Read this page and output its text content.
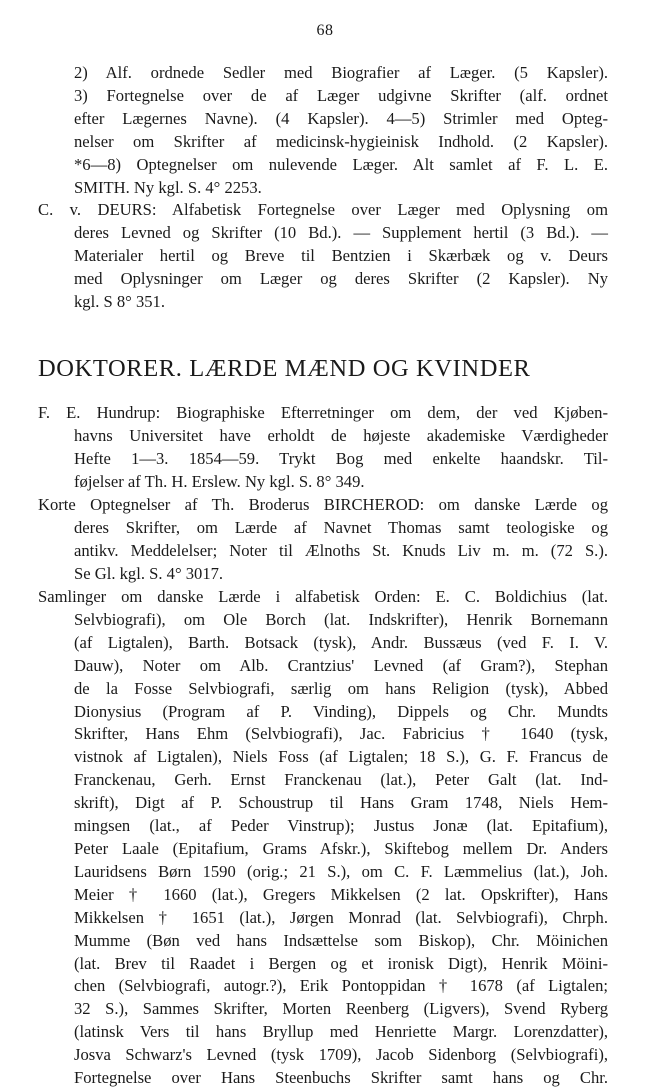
68
2) Alf. ordnede Sedler med Biografier af Læger. (5 Kapsler).
3) Fortegnelse over de af Læger udgivne Skrifter (alf. ordnet
efter Lægernes Navne). (4 Kapsler). 4—5) Strimler med Opteg-
nelser om Skrifter af medicinsk-hygieinisk Indhold. (2 Kapsler).
*6—8) Optegnelser om nulevende Læger. Alt samlet af F. L. E.
SMITH. Ny kgl. S. 4° 2253.
C. v. DEURS: Alfabetisk Fortegnelse over Læger med Oplysning om
deres Levned og Skrifter (10 Bd.). — Supplement hertil (3 Bd.). —
Materialer hertil og Breve til Bentzien i Skærbæk og v. Deurs
med Oplysninger om Læger og deres Skrifter (2 Kapsler). Ny
kgl. S 8° 351.
DOKTORER. LÆRDE MÆND OG KVINDER
F. E. Hundrup: Biographiske Efterretninger om dem, der ved Kjøben-
havns Universitet have erholdt de højeste akademiske Værdigheder
Hefte 1—3. 1854—59. Trykt Bog med enkelte haandskr. Til-
føjelser af Th. H. Erslew. Ny kgl. S. 8° 349.
Korte Optegnelser af Th. Broderus BIRCHEROD: om danske Lærde og
deres Skrifter, om Lærde af Navnet Thomas samt teologiske og
antikv. Meddelelser; Noter til Ælnoths St. Knuds Liv m. m. (72 S.).
Se Gl. kgl. S. 4° 3017.
Samlinger om danske Lærde i alfabetisk Orden: E. C. Boldichius (lat.
Selvbiografi), om Ole Borch (lat. Indskrifter), Henrik Bornemann
(af Ligtalen), Barth. Botsack (tysk), Andr. Bussæus (ved F. I. V.
Dauw), Noter om Alb. Crantzius' Levned (af Gram?), Stephan
de la Fosse Selvbiografi, særlig om hans Religion (tysk), Abbed
Dionysius (Program af P. Vinding), Dippels og Chr. Mundts
Skrifter, Hans Ehm (Selvbiografi), Jac. Fabricius † 1640 (tysk,
vistnok af Ligtalen), Niels Foss (af Ligtalen; 18 S.), G. F. Francus de
Franckenau, Gerh. Ernst Franckenau (lat.), Peter Galt (lat. Ind-
skrift), Digt af P. Schoustrup til Hans Gram 1748, Niels Hem-
mingsen (lat., af Peder Vinstrup); Justus Jonæ (lat. Epitafium),
Peter Laale (Epitafium, Grams Afskr.), Skiftebog mellem Dr. Anders
Lauridsens Børn 1590 (orig.; 21 S.), om C. F. Læmmelius (lat.), Joh.
Meier † 1660 (lat.), Gregers Mikkelsen (2 lat. Opskrifter), Hans
Mikkelsen † 1651 (lat.), Jørgen Monrad (lat. Selvbiografi), Chrph.
Mumme (Bøn ved hans Indsættelse som Biskop), Chr. Möinichen
(lat. Brev til Raadet i Bergen og et ironisk Digt), Henrik Möini-
chen (Selvbiografi, autogr.?), Erik Pontoppidan † 1678 (af Ligtalen;
32 S.), Sammes Skrifter, Morten Reenberg (Ligvers), Svend Ryberg
(latinsk Vers til hans Bryllup med Henriette Margr. Lorenzdatter),
Josva Schwarz's Levned (tysk 1709), Jacob Sidenborg (Selvbiografi),
Fortegnelse over Hans Steenbuchs Skrifter samt hans og Chr.
